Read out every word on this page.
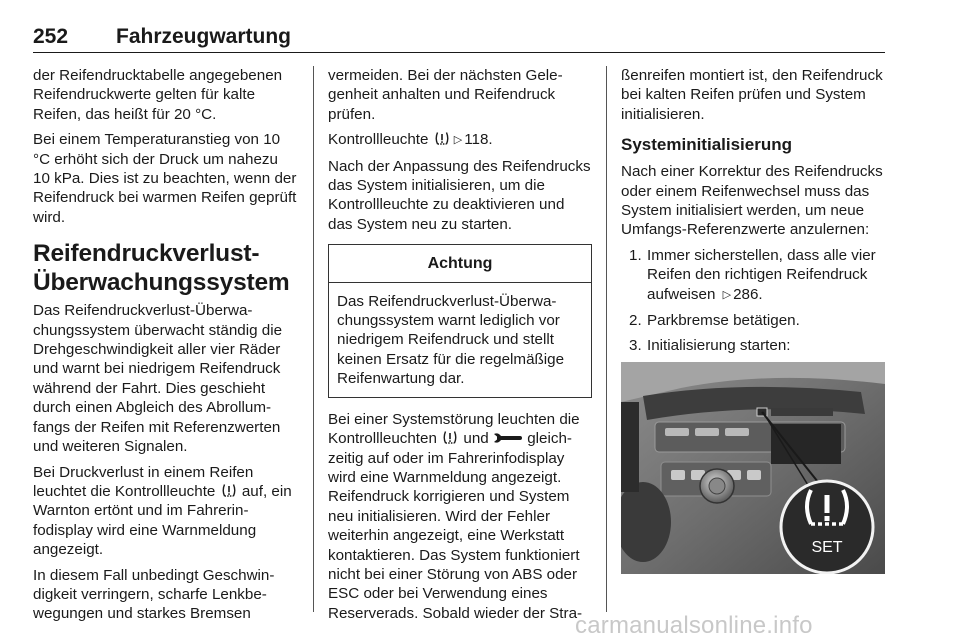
252 Fahrzeugwartung

der Reifendrucktabelle angegebenen Reifendruckwerte gelten für kalte Reifen, das heißt für 20 °C.

Bei einem Temperaturanstieg von 10 °C erhöht sich der Druck um nahezu 10 kPa. Dies ist zu beachten, wenn der Reifendruck bei warmen Reifen geprüft wird.

Reifendruckverlust-
Überwachungssystem

Das Reifendruckverlust-Überwachungssystem überwacht ständig die Drehgeschwindigkeit aller vier Räder und warnt bei niedrigem Reifendruck während der Fahrt. Dies geschieht durch einen Abgleich des Abrollumfangs der Reifen mit Referenzwerten und weiteren Signalen.

Bei Druckverlust in einem Reifen leuchtet die Kontrollleuchte auf, ein Warnton ertönt und im Fahrerinfodisplay wird eine Warnmeldung angezeigt.

In diesem Fall unbedingt Geschwindigkeit verringern, scharfe Lenkbewegungen und starkes Bremsen

vermeiden. Bei der nächsten Gelegenheit anhalten und Reifendruck prüfen.

Kontrollleuchte ▷ 118.

Nach der Anpassung des Reifendrucks das System initialisieren, um die Kontrollleuchte zu deaktivieren und das System neu zu starten.

Achtung
Das Reifendruckverlust-Überwachungssystem warnt lediglich vor niedrigem Reifendruck und stellt keinen Ersatz für die regelmäßige Reifenwartung dar.

Bei einer Systemstörung leuchten die Kontrollleuchten und	gleichzeitig auf oder im Fahrerinfodisplay wird eine Warnmeldung angezeigt. Reifendruck korrigieren und System neu initialisieren. Wird der Fehler weiterhin angezeigt, eine Werkstatt kontaktieren. Das System funktioniert nicht bei einer Störung von ABS oder ESC oder bei Verwendung eines Reserverads. Sobald wieder der Stra-

ßenreifen montiert ist, den Reifendruck bei kalten Reifen prüfen und System initialisieren.

Systeminitialisierung

Nach einer Korrektur des Reifendrucks oder einem Reifenwechsel muss das System initialisiert werden, um neue Umfangs-Referenzwerte anzulernen:

1. Immer sicherstellen, dass alle vier Reifen den richtigen Reifendruck aufweisen ▷ 286.
2. Parkbremse betätigen.
3. Initialisierung starten:
SET
carmanualsonline.info
